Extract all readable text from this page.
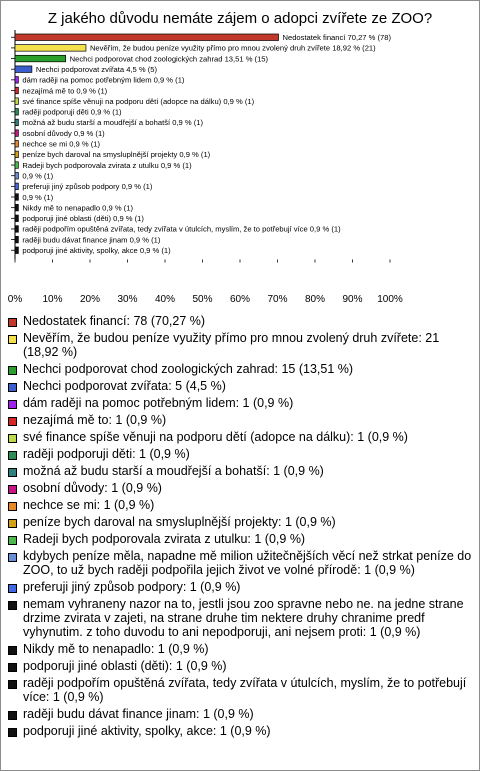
Z jakého důvodu nemáte zájem o adopci zvířete ze ZOO?
Nedostatek financí 70,27 % (78)
Nevěřím, že budou peníze využity přímo pro mnou zvolený druh zvířete 18,92 % (21)
Nechci podporovat chod zoologických zahrad 13,51 % (15)
Nechci podporovat zvířata 4,5 % (5)
dám raději na pomoc potřebným lidem 0,9 % (1)
nezajímá mě to 0,9 % (1)
své finance spíše věnuji na podporu dětí (adopce na dálku) 0,9 % (1)
raději podporuji děti 0,9 % (1)
možná až budu starší a moudřejší a bohatší 0,9 % (1)
osobní důvody 0,9 % (1)
nechce se mi 0,9 % (1)
peníze bych daroval na smysluplnější projekty 0,9 % (1)
Radeji bych podporovala zvirata z utulku 0,9 % (1)
0,9 % (1)
preferuji jiný způsob podpory 0,9 % (1)
0,9 % (1)
Nikdy mě to nenapadlo 0,9 % (1)
podporuji jiné oblasti (děti) 0,9 % (1)
raději podpořím opuštěná zvířata, tedy zvířata v útulcích, myslím, že to potřebují více 0,9 % (1)
raději budu dávat finance jinam 0,9 % (1)
podporuji jiné aktivity, spolky, akce 0,9 % (1)
0% 10% 20% 30% 40% 50% 60% 70% 80% 90% 100%
Nedostatek financí: 78 (70,27 %)
Nevěřím, že budou peníze využity přímo pro mnou zvolený druh zvířete: 21 (18,92 %)
Nechci podporovat chod zoologických zahrad: 15 (13,51 %)
Nechci podporovat zvířata: 5 (4,5 %)
dám raději na pomoc potřebným lidem: 1 (0,9 %)
nezajímá mě to: 1 (0,9 %)
své finance spíše věnuji na podporu dětí (adopce na dálku): 1 (0,9 %)
raději podporuji děti: 1 (0,9 %)
možná až budu starší a moudřejší a bohatší: 1 (0,9 %)
osobní důvody: 1 (0,9 %)
nechce se mi: 1 (0,9 %)
peníze bych daroval na smysluplnější projekty: 1 (0,9 %)
Radeji bych podporovala zvirata z utulku: 1 (0,9 %)
kdybych peníze měla, napadne mě milion užitečnějších věcí než strkat peníze do ZOO, to už bych raději podpořila jejich život ve volné přírodě: 1 (0,9 %)
preferuji jiný způsob podpory: 1 (0,9 %)
nemam vyhraneny nazor na to, jestli jsou zoo spravne nebo ne. na jedne strane drzime zvirata v zajeti, na strane druhe tim nektere druhy chranime predf vyhynutim. z toho duvodu to ani nepodporuji, ani nejsem proti: 1 (0,9 %)
Nikdy mě to nenapadlo: 1 (0,9 %)
podporuji jiné oblasti (děti): 1 (0,9 %)
raději podpořím opuštěná zvířata, tedy zvířata v útulcích, myslím, že to potřebují více: 1 (0,9 %)
raději budu dávat finance jinam: 1 (0,9 %)
podporuji jiné aktivity, spolky, akce: 1 (0,9 %)
